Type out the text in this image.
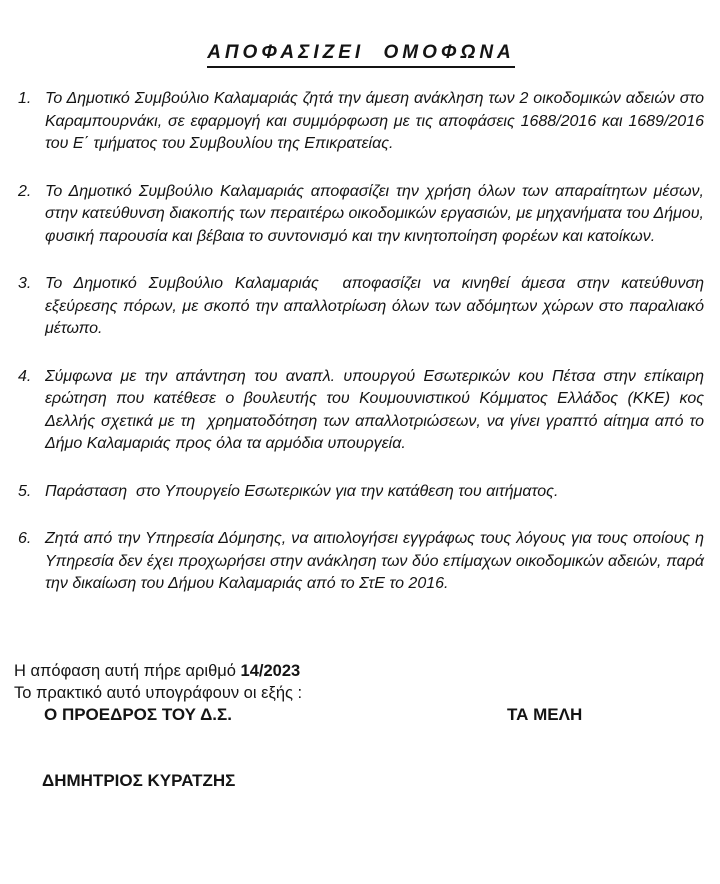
ΑΠΟΦΑΣΙΖΕΙ ΟΜΟΦΩΝΑ
1. Το Δημοτικό Συμβούλιο Καλαμαριάς ζητά την άμεση ανάκληση των 2 οικοδομικών αδειών στο Καραμπουρνάκι, σε εφαρμογή και συμμόρφωση με τις αποφάσεις 1688/2016 και 1689/2016 του Ε΄ τμήματος του Συμβουλίου της Επικρατείας.
2. Το Δημοτικό Συμβούλιο Καλαμαριάς αποφασίζει την χρήση όλων των απαραίτητων μέσων, στην κατεύθυνση διακοπής των περαιτέρω οικοδομικών εργασιών, με μηχανήματα του Δήμου, φυσική παρουσία και βέβαια το συντονισμό και την κινητοποίηση φορέων και κατοίκων.
3. Το Δημοτικό Συμβούλιο Καλαμαριάς  αποφασίζει να κινηθεί άμεσα στην κατεύθυνση εξεύρεσης πόρων, με σκοπό την απαλλοτρίωση όλων των αδόμητων χώρων στο παραλιακό μέτωπο.
4. Σύμφωνα με την απάντηση του αναπλ. υπουργού Εσωτερικών κου Πέτσα στην επίκαιρη ερώτηση που κατέθεσε ο βουλευτής του Κουμουνιστικού Κόμματος Ελλάδος (ΚΚΕ) κος Δελλής σχετικά με τη  χρηματοδότηση των απαλλοτριώσεων, να γίνει γραπτό αίτημα από το Δήμο Καλαμαριάς προς όλα τα αρμόδια υπουργεία.
5. Παράσταση  στο Υπουργείο Εσωτερικών για την κατάθεση του αιτήματος.
6. Ζητά από την Υπηρεσία Δόμησης, να αιτιολογήσει εγγράφως τους λόγους για τους οποίους η Υπηρεσία δεν έχει προχωρήσει στην ανάκληση των δύο επίμαχων οικοδομικών αδειών, παρά την δικαίωση του Δήμου Καλαμαριάς από το ΣτΕ το 2016.

Η απόφαση αυτή πήρε αριθμό 14/2023

Το πρακτικό αυτό υπογράφουν οι εξής :

Ο ΠΡΟΕΔΡΟΣ ΤΟΥ Δ.Σ.	ΤΑ ΜΕΛΗ

ΔΗΜΗΤΡΙΟΣ ΚΥΡΑΤΖΗΣ
